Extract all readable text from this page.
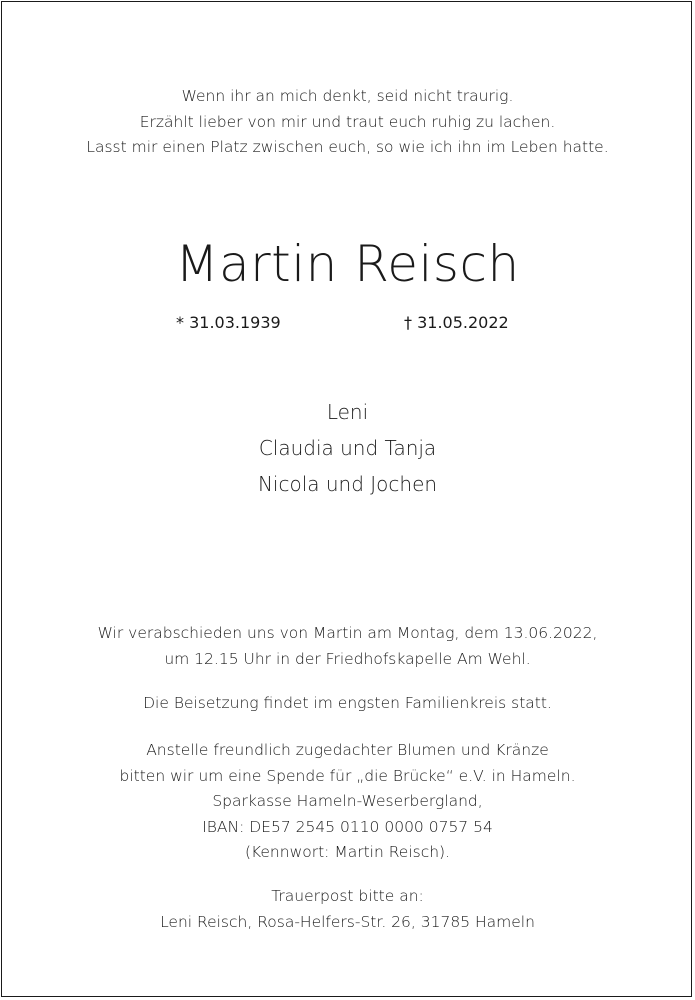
Wenn ihr an mich denkt, seid nicht traurig.
Erzählt lieber von mir und traut euch ruhig zu lachen.
Lasst mir einen Platz zwischen euch, so wie ich ihn im Leben hatte.
Martin Reisch
* 31.03.1939	† 31.05.2022
Leni
Claudia und Tanja
Nicola und Jochen
Wir verabschieden uns von Martin am Montag, dem 13.06.2022,
um 12.15 Uhr in der Friedhofskapelle Am Wehl.
Die Beisetzung findet im engsten Familienkreis statt.
Anstelle freundlich zugedachter Blumen und Kränze
bitten wir um eine Spende für „die Brücke“ e.V. in Hameln.
Sparkasse Hameln-Weserbergland,
IBAN: DE57 2545 0110 0000 0757 54
(Kennwort: Martin Reisch).
Trauerpost bitte an:
Leni Reisch, Rosa-Helfers-Str. 26, 31785 Hameln
